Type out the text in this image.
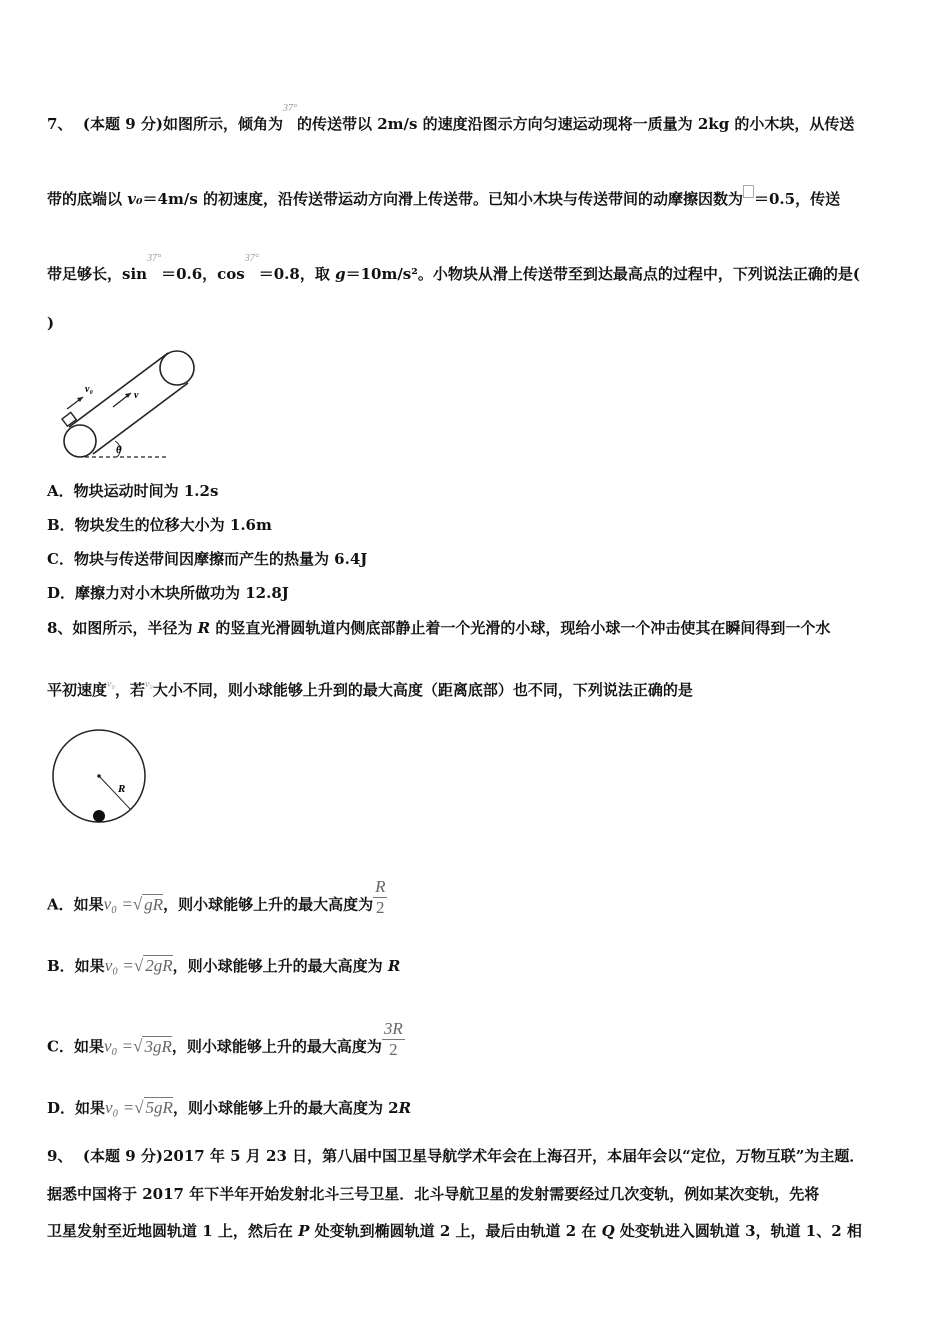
7、 (本题 9 分)如图所示，倾角为$^{37^\circ}$的传送带以 2m/s 的速度沿图示方向匀速运动现将一质量为 2kg 的小木块，从传送
带的底端以 v₀＝4m/s 的初速度，沿传送带运动方向滑上传送带。已知小木块与传送带间的动摩擦因数为 ＝0.5，传送
带足够长，$\sin^{37^\circ}=0.6$，$\cos^{37^\circ}=0.8$，取 g＝10m/s²。小物块从滑上传送带至到达最高点的过程中，下列说法正确的是(
)
v₀
v
θ
A．物块运动时间为 1.2s
B．物块发生的位移大小为 1.6m
C．物块与传送带间因摩擦而产生的热量为 6.4J
D．摩擦力对小木块所做功为 12.8J
8、如图所示，半径为 R 的竖直光滑圆轨道内侧底部静止着一个光滑的小球，现给小球一个冲击使其在瞬间得到一个水
平初速度$^{v_0}$，若$^{v_0}$大小不同，则小球能够上升到的最大高度（距离底部）也不同，下列说法正确的是
R
A．如果v₀ =√ gR，则小球能够上升的最大高度为 $\frac{R}{2}$
B．如果v₀ =√ 2gR，则小球能够上升的最大高度为 R
C．如果v₀ =√ 3gR，则小球能够上升的最大高度为 $\frac{3R}{2}$
D．如果v₀ =√ 5gR，则小球能够上升的最大高度为 2R
9、 (本题 9 分)2017 年 5 月 23 日，第八届中国卫星导航学术年会在上海召开，本届年会以“定位，万物互联”为主题．
据悉中国将于 2017 年下半年开始发射北斗三号卫星．北斗导航卫星的发射需要经过几次变轨，例如某次变轨，先将
卫星发射至近地圆轨道 1 上，然后在 P 处变轨到椭圆轨道 2 上，最后由轨道 2 在 Q 处变轨进入圆轨道 3，轨道 1、2 相
